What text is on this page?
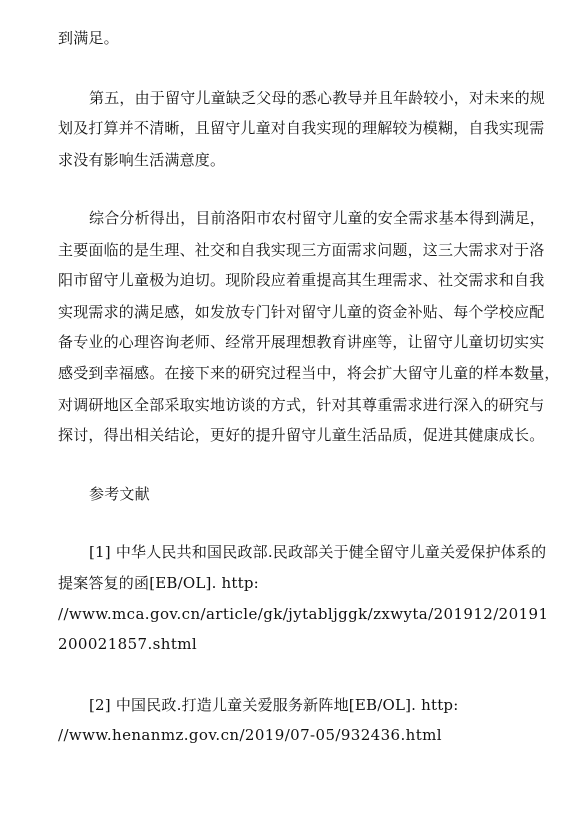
到满足。
第五，由于留守儿童缺乏父母的悉心教导并且年龄较小，对未来的规
划及打算并不清晰，且留守儿童对自我实现的理解较为模糊，自我实现需
求没有影响生活满意度。
综合分析得出，目前洛阳市农村留守儿童的安全需求基本得到满足，
主要面临的是生理、社交和自我实现三方面需求问题，这三大需求对于洛
阳市留守儿童极为迫切。现阶段应着重提高其生理需求、社交需求和自我
实现需求的满足感，如发放专门针对留守儿童的资金补贴、每个学校应配
备专业的心理咨询老师、经常开展理想教育讲座等，让留守儿童切切实实
感受到幸福感。在接下来的研究过程当中，将会扩大留守儿童的样本数量，
对调研地区全部采取实地访谈的方式，针对其尊重需求进行深入的研究与
探讨，得出相关结论，更好的提升留守儿童生活品质，促进其健康成长。
参考文献
[1] 中华人民共和国民政部.民政部关于健全留守儿童关爱保护体系的
提案答复的函[EB/OL]. http:
//www.mca.gov.cn/article/gk/jytabljggk/zxwyta/201912/20191
200021857.shtml
[2] 中国民政.打造儿童关爱服务新阵地[EB/OL]. http:
//www.henanmz.gov.cn/2019/07-05/932436.html
